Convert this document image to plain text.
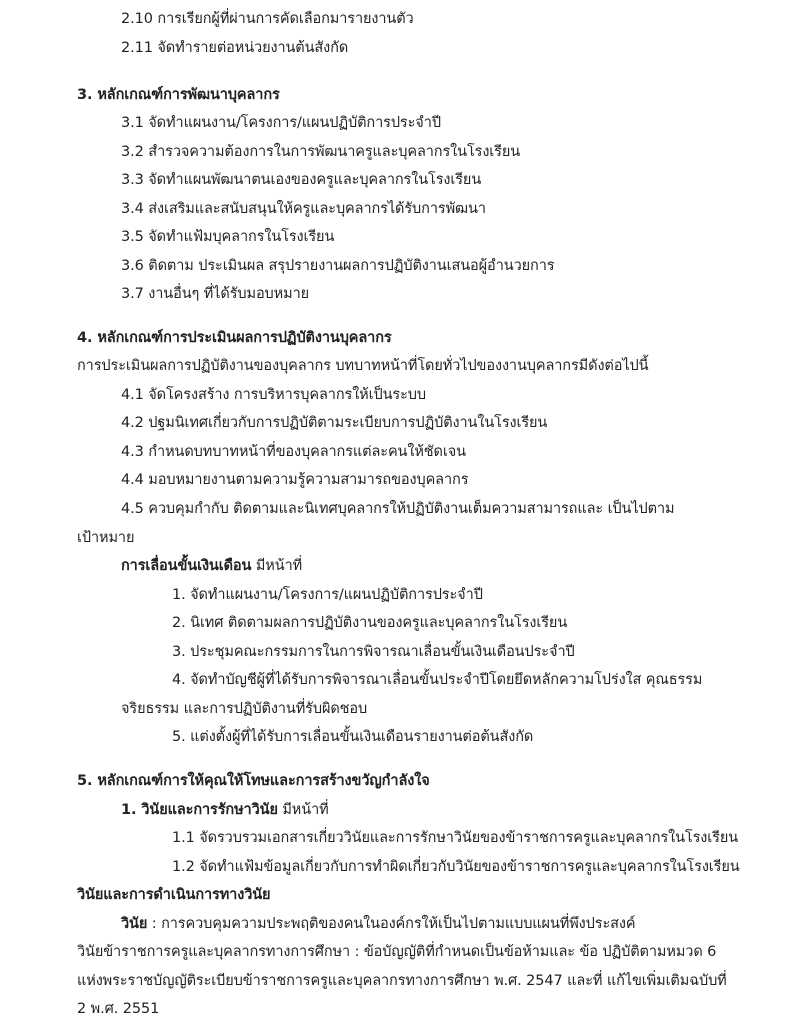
2.10 การเรียกผู้ที่ผ่านการคัดเลือกมารายงานตัว
2.11 จัดทำรายต่อหน่วยงานต้นสังกัด
3. หลักเกณฑ์การพัฒนาบุคลากร
3.1 จัดทำแผนงาน/โครงการ/แผนปฏิบัติการประจำปี
3.2 สำรวจความต้องการในการพัฒนาครูและบุคลากรในโรงเรียน
3.3 จัดทำแผนพัฒนาตนเองของครูและบุคลากรในโรงเรียน
3.4 ส่งเสริมและสนับสนุนให้ครูและบุคลากรได้รับการพัฒนา
3.5 จัดทำแฟ้มบุคลากรในโรงเรียน
3.6 ติดตาม ประเมินผล สรุปรายงานผลการปฏิบัติงานเสนอผู้อำนวยการ
3.7 งานอื่นๆ ที่ได้รับมอบหมาย
4. หลักเกณฑ์การประเมินผลการปฏิบัติงานบุคลากร
การประเมินผลการปฏิบัติงานของบุคลากร บทบาทหน้าที่โดยทั่วไปของงานบุคลากรมีดังต่อไปนี้
4.1 จัดโครงสร้าง การบริหารบุคลากรให้เป็นระบบ
4.2 ปฐมนิเทศเกี่ยวกับการปฏิบัติตามระเบียบการปฏิบัติงานในโรงเรียน
4.3 กำหนดบทบาทหน้าที่ของบุคลากรแต่ละคนให้ชัดเจน
4.4 มอบหมายงานตามความรู้ความสามารถของบุคลากร
4.5 ควบคุมกำกับ ติดตามและนิเทศบุคลากรให้ปฏิบัติงานเต็มความสามารถและ เป็นไปตาม
เป้าหมาย
การเลื่อนขั้นเงินเดือน มีหน้าที่
1. จัดทำแผนงาน/โครงการ/แผนปฏิบัติการประจำปี
2. นิเทศ ติดตามผลการปฏิบัติงานของครูและบุคลากรในโรงเรียน
3. ประชุมคณะกรรมการในการพิจารณาเลื่อนขั้นเงินเดือนประจำปี
4. จัดทำบัญชีผู้ที่ได้รับการพิจารณาเลื่อนขั้นประจำปีโดยยึดหลักความโปร่งใส คุณธรรม
จริยธรรม และการปฏิบัติงานที่รับผิดชอบ
5. แต่งตั้งผู้ที่ได้รับการเลื่อนขั้นเงินเดือนรายงานต่อต้นสังกัด
5. หลักเกณฑ์การให้คุณให้โทษและการสร้างขวัญกำลังใจ
1. วินัยและการรักษาวินัย มีหน้าที่
1.1 จัดรวบรวมเอกสารเกี่ยววินัยและการรักษาวินัยของข้าราชการครูและบุคลากรในโรงเรียน
1.2 จัดทำแฟ้มข้อมูลเกี่ยวกับการทำผิดเกี่ยวกับวินัยของข้าราชการครูและบุคลากรในโรงเรียน
วินัยและการดำเนินการทางวินัย
วินัย : การควบคุมความประพฤติของคนในองค์กรให้เป็นไปตามแบบแผนที่พึงประสงค์
วินัยข้าราชการครูและบุคลากรทางการศึกษา : ข้อบัญญัติที่กำหนดเป็นข้อห้ามและ ข้อ ปฏิบัติตามหมวด 6
แห่งพระราชบัญญัติระเบียบข้าราชการครูและบุคลากรทางการศึกษา พ.ศ. 2547 และที่ แก้ไขเพิ่มเติมฉบับที่
2 พ.ศ. 2551
